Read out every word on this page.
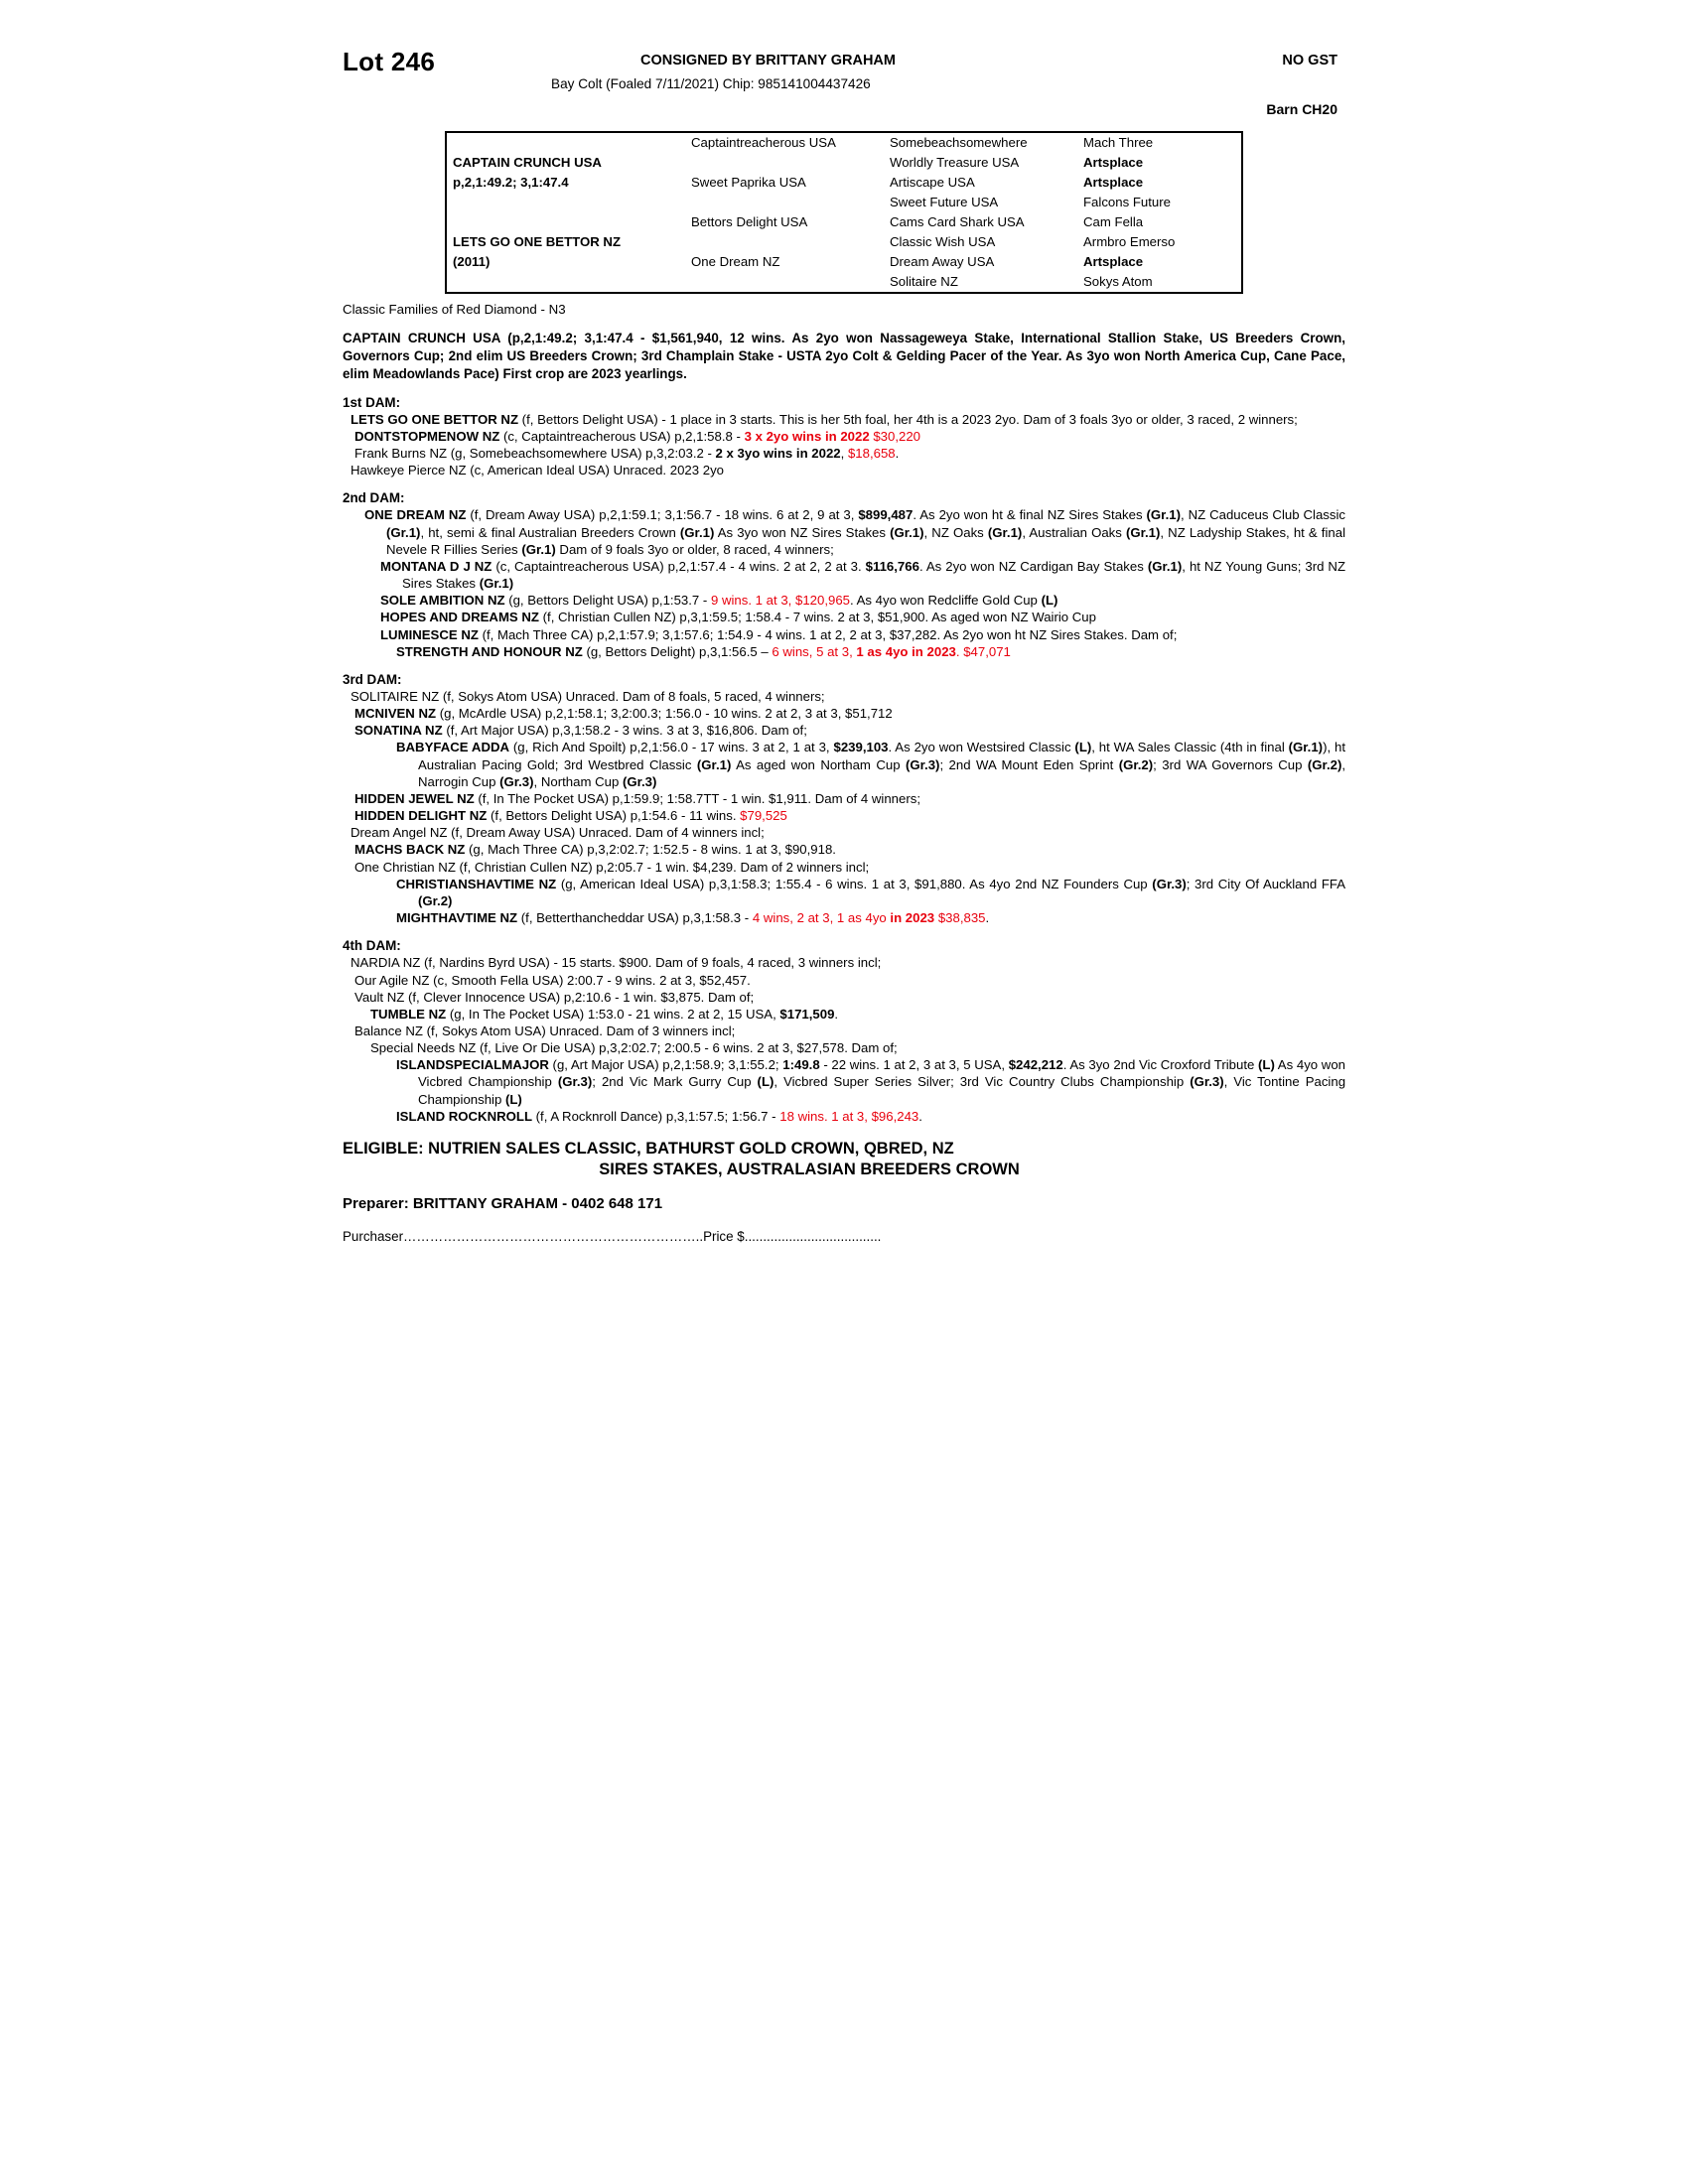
Lot 246	CONSIGNED BY BRITTANY GRAHAM	NO GST
Bay Colt (Foaled 7/11/2021) Chip: 985141004437426
Barn CH20
	Captaintreacherous USA	Somebeachsomewhere	Mach Three
CAPTAIN CRUNCH USA		Worldly Treasure USA	Artsplace
p,2,1:49.2; 3,1:47.4	Sweet Paprika USA	Artiscape USA	Artsplace
		Sweet Future USA	Falcons Future
	Bettors Delight USA	Cams Card Shark USA	Cam Fella
LETS GO ONE BETTOR NZ		Classic Wish USA	Armbro Emerso
(2011)	One Dream NZ	Dream Away USA	Artsplace
		Solitaire NZ	Sokys Atom
Classic Families of Red Diamond - N3
CAPTAIN CRUNCH USA (p,2,1:49.2; 3,1:47.4 - $1,561,940, 12 wins. As 2yo won Nassageweya Stake, International Stallion Stake, US Breeders Crown, Governors Cup; 2nd elim US Breeders Crown; 3rd Champlain Stake - USTA 2yo Colt & Gelding Pacer of the Year. As 3yo won North America Cup, Cane Pace, elim Meadowlands Pace) First crop are 2023 yearlings.
1st DAM:

LETS GO ONE BETTOR NZ (f, Bettors Delight USA) - 1 place in 3 starts. This is her 5th foal, her 4th is a 2023 2yo. Dam of 3 foals 3yo or older, 3 raced, 2 winners;

DONTSTOPMENOW NZ (c, Captaintreacherous USA) p,2,1:58.8 - 3 x 2yo wins in 2022 $30,220

Frank Burns NZ (g, Somebeachsomewhere USA) p,3,2:03.2 - 2 x 3yo wins in 2022, $18,658.

Hawkeye Pierce NZ (c, American Ideal USA) Unraced. 2023 2yo

2nd DAM:

ONE DREAM NZ (f, Dream Away USA) p,2,1:59.1; 3,1:56.7 - 18 wins. 6 at 2, 9 at 3, $899,487. As 2yo won ht & final NZ Sires Stakes (Gr.1), NZ Caduceus Club Classic (Gr.1), ht, semi & final Australian Breeders Crown (Gr.1) As 3yo won NZ Sires Stakes (Gr.1), NZ Oaks (Gr.1), Australian Oaks (Gr.1), NZ Ladyship Stakes, ht & final Nevele R Fillies Series (Gr.1) Dam of 9 foals 3yo or older, 8 raced, 4 winners;

MONTANA D J NZ (c, Captaintreacherous USA) p,2,1:57.4 - 4 wins. 2 at 2, 2 at 3. $116,766. As 2yo won NZ Cardigan Bay Stakes (Gr.1), ht NZ Young Guns; 3rd NZ Sires Stakes (Gr.1)

SOLE AMBITION NZ (g, Bettors Delight USA) p,1:53.7 - 9 wins. 1 at 3, $120,965. As 4yo won Redcliffe Gold Cup (L)

HOPES AND DREAMS NZ (f, Christian Cullen NZ) p,3,1:59.5; 1:58.4 - 7 wins. 2 at 3, $51,900. As aged won NZ Wairio Cup

LUMINESCE NZ (f, Mach Three CA) p,2,1:57.9; 3,1:57.6; 1:54.9 - 4 wins. 1 at 2, 2 at 3, $37,282. As 2yo won ht NZ Sires Stakes. Dam of;

STRENGTH AND HONOUR NZ (g, Bettors Delight) p,3,1:56.5 – 6 wins, 5 at 3, 1 as 4yo in 2023. $47,071

3rd DAM:

SOLITAIRE NZ (f, Sokys Atom USA) Unraced. Dam of 8 foals, 5 raced, 4 winners;

MCNIVEN NZ (g, McArdle USA) p,2,1:58.1; 3,2:00.3; 1:56.0 - 10 wins. 2 at 2, 3 at 3, $51,712

SONATINA NZ (f, Art Major USA) p,3,1:58.2 - 3 wins. 3 at 3, $16,806. Dam of;

BABYFACE ADDA (g, Rich And Spoilt) p,2,1:56.0 - 17 wins. 3 at 2, 1 at 3, $239,103. As 2yo won Westsired Classic (L), ht WA Sales Classic (4th in final (Gr.1)), ht Australian Pacing Gold; 3rd Westbred Classic (Gr.1) As aged won Northam Cup (Gr.3); 2nd WA Mount Eden Sprint (Gr.2); 3rd WA Governors Cup (Gr.2), Narrogin Cup (Gr.3), Northam Cup (Gr.3)

HIDDEN JEWEL NZ (f, In The Pocket USA) p,1:59.9; 1:58.7TT - 1 win. $1,911. Dam of 4 winners;

HIDDEN DELIGHT NZ (f, Bettors Delight USA) p,1:54.6 - 11 wins. $79,525

Dream Angel NZ (f, Dream Away USA) Unraced. Dam of 4 winners incl;

MACHS BACK NZ (g, Mach Three CA) p,3,2:02.7; 1:52.5 - 8 wins. 1 at 3, $90,918.

One Christian NZ (f, Christian Cullen NZ) p,2:05.7 - 1 win. $4,239. Dam of 2 winners incl;

CHRISTIANSHAVTIME NZ (g, American Ideal USA) p,3,1:58.3; 1:55.4 - 6 wins. 1 at 3, $91,880. As 4yo 2nd NZ Founders Cup (Gr.3); 3rd City Of Auckland FFA (Gr.2)

MIGHTHAVTIME NZ (f, Betterthancheddar USA) p,3,1:58.3 - 4 wins, 2 at 3, 1 as 4yo in 2023 $38,835.

4th DAM:

NARDIA NZ (f, Nardins Byrd USA) - 15 starts. $900. Dam of 9 foals, 4 raced, 3 winners incl;

Our Agile NZ (c, Smooth Fella USA) 2:00.7 - 9 wins. 2 at 3, $52,457.

Vault NZ (f, Clever Innocence USA) p,2:10.6 - 1 win. $3,875. Dam of;

TUMBLE NZ (g, In The Pocket USA) 1:53.0 - 21 wins. 2 at 2, 15 USA, $171,509.

Balance NZ (f, Sokys Atom USA) Unraced. Dam of 3 winners incl;

Special Needs NZ (f, Live Or Die USA) p,3,2:02.7; 2:00.5 - 6 wins. 2 at 3, $27,578. Dam of;

ISLANDSPECIALMAJOR (g, Art Major USA) p,2,1:58.9; 3,1:55.2; 1:49.8 - 22 wins. 1 at 2, 3 at 3, 5 USA, $242,212. As 3yo 2nd Vic Croxford Tribute (L) As 4yo won Vicbred Championship (Gr.3); 2nd Vic Mark Gurry Cup (L), Vicbred Super Series Silver; 3rd Vic Country Clubs Championship (Gr.3), Vic Tontine Pacing Championship (L)

ISLAND ROCKNROLL (f, A Rocknroll Dance) p,3,1:57.5; 1:56.7 - 18 wins. 1 at 3, $96,243.

ELIGIBLE: NUTRIEN SALES CLASSIC, BATHURST GOLD CROWN, QBRED, NZ
SIRES STAKES, AUSTRALASIAN BREEDERS CROWN
Preparer: BRITTANY GRAHAM - 0402 648 171
Purchaser…………………………………………………………..Price $.....................................
